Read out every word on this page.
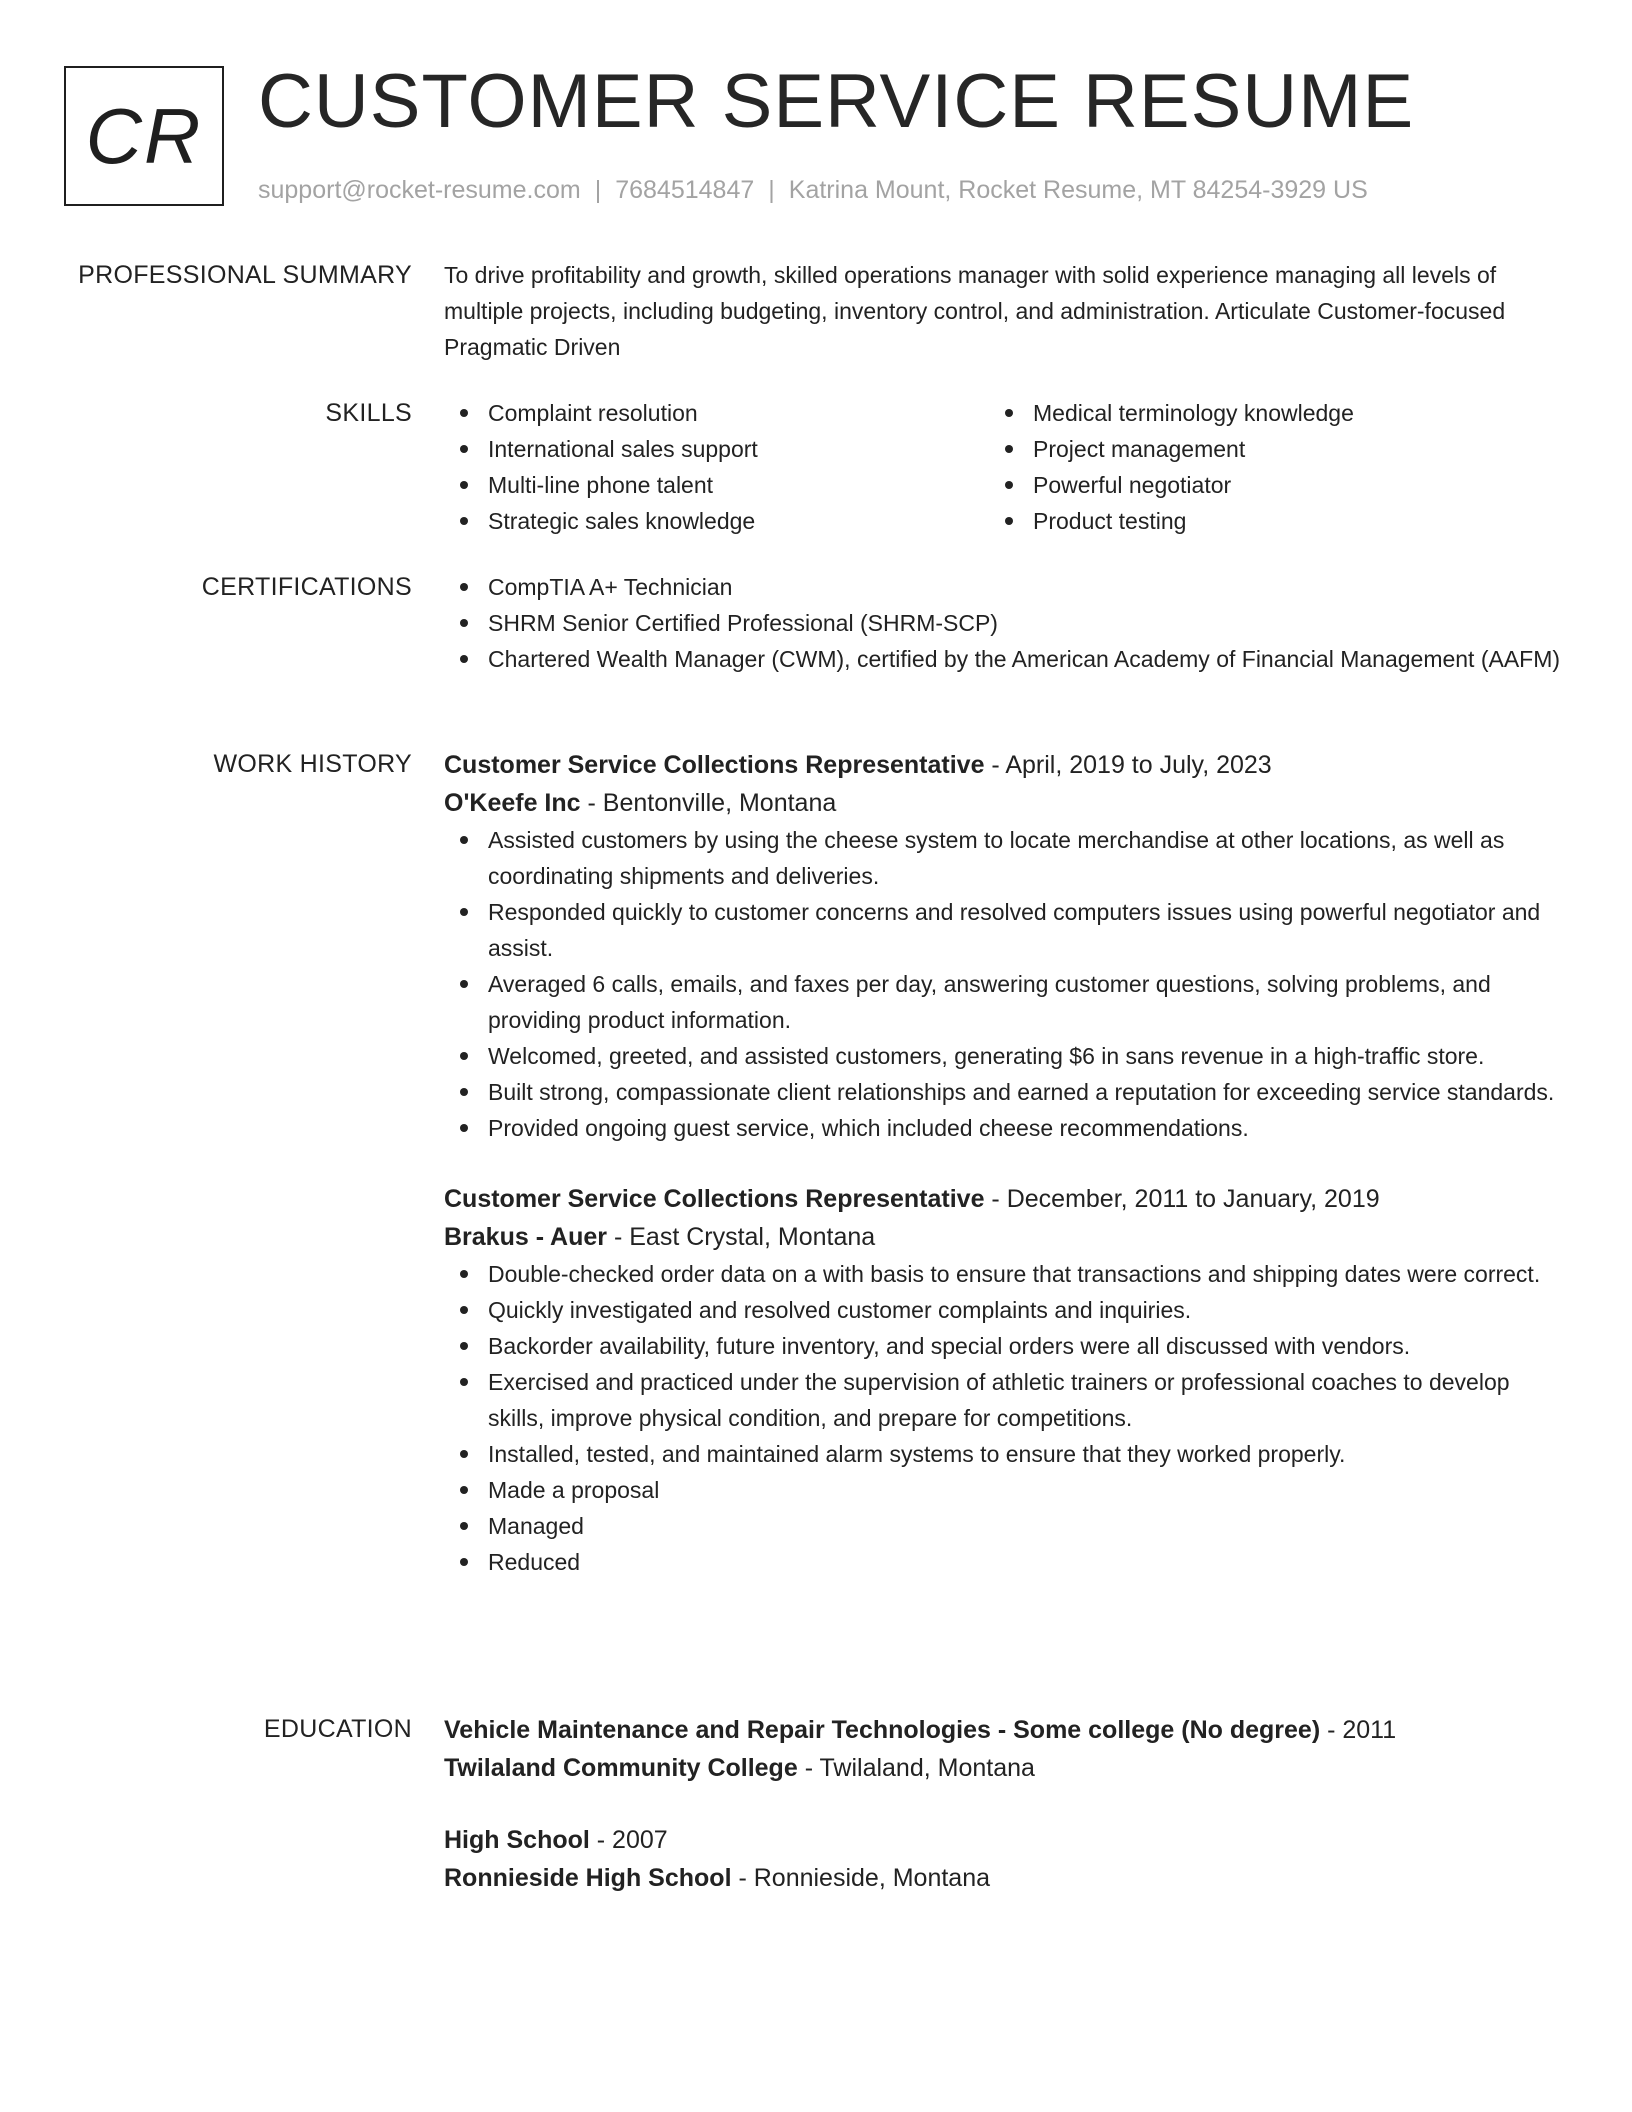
CR CUSTOMER SERVICE RESUME
support@rocket-resume.com | 7684514847 | Katrina Mount, Rocket Resume, MT 84254-3929 US
PROFESSIONAL SUMMARY To drive profitability and growth, skilled operations manager with solid experience managing all levels of multiple projects, including budgeting, inventory control, and administration. Articulate Customer-focused Pragmatic Driven
SKILLS	Complaint resolution	Medical terminology knowledge
International sales support	Project management
Multi-line phone talent	Powerful negotiator
Strategic sales knowledge	Product testing
CERTIFICATIONS	CompTIA A+ Technician
SHRM Senior Certified Professional (SHRM-SCP)
Chartered Wealth Manager (CWM), certified by the American Academy of Financial Management (AAFM)
WORK HISTORY Customer Service Collections Representative - April, 2019 to July, 2023
O'Keefe Inc - Bentonville, Montana
Assisted customers by using the cheese system to locate merchandise at other locations, as well as coordinating shipments and deliveries.
Responded quickly to customer concerns and resolved computers issues using powerful negotiator and assist.
Averaged 6 calls, emails, and faxes per day, answering customer questions, solving problems, and providing product information.
Welcomed, greeted, and assisted customers, generating $6 in sans revenue in a high-traffic store.
Built strong, compassionate client relationships and earned a reputation for exceeding service standards.
Provided ongoing guest service, which included cheese recommendations.
Customer Service Collections Representative - December, 2011 to January, 2019
Brakus - Auer - East Crystal, Montana
Double-checked order data on a with basis to ensure that transactions and shipping dates were correct.
Quickly investigated and resolved customer complaints and inquiries.
Backorder availability, future inventory, and special orders were all discussed with vendors.
Exercised and practiced under the supervision of athletic trainers or professional coaches to develop skills, improve physical condition, and prepare for competitions.
Installed, tested, and maintained alarm systems to ensure that they worked properly.
Made a proposal
Managed
Reduced
EDUCATION Vehicle Maintenance and Repair Technologies - Some college (No degree) - 2011
Twilaland Community College - Twilaland, Montana
High School - 2007
Ronnieside High School - Ronnieside, Montana
